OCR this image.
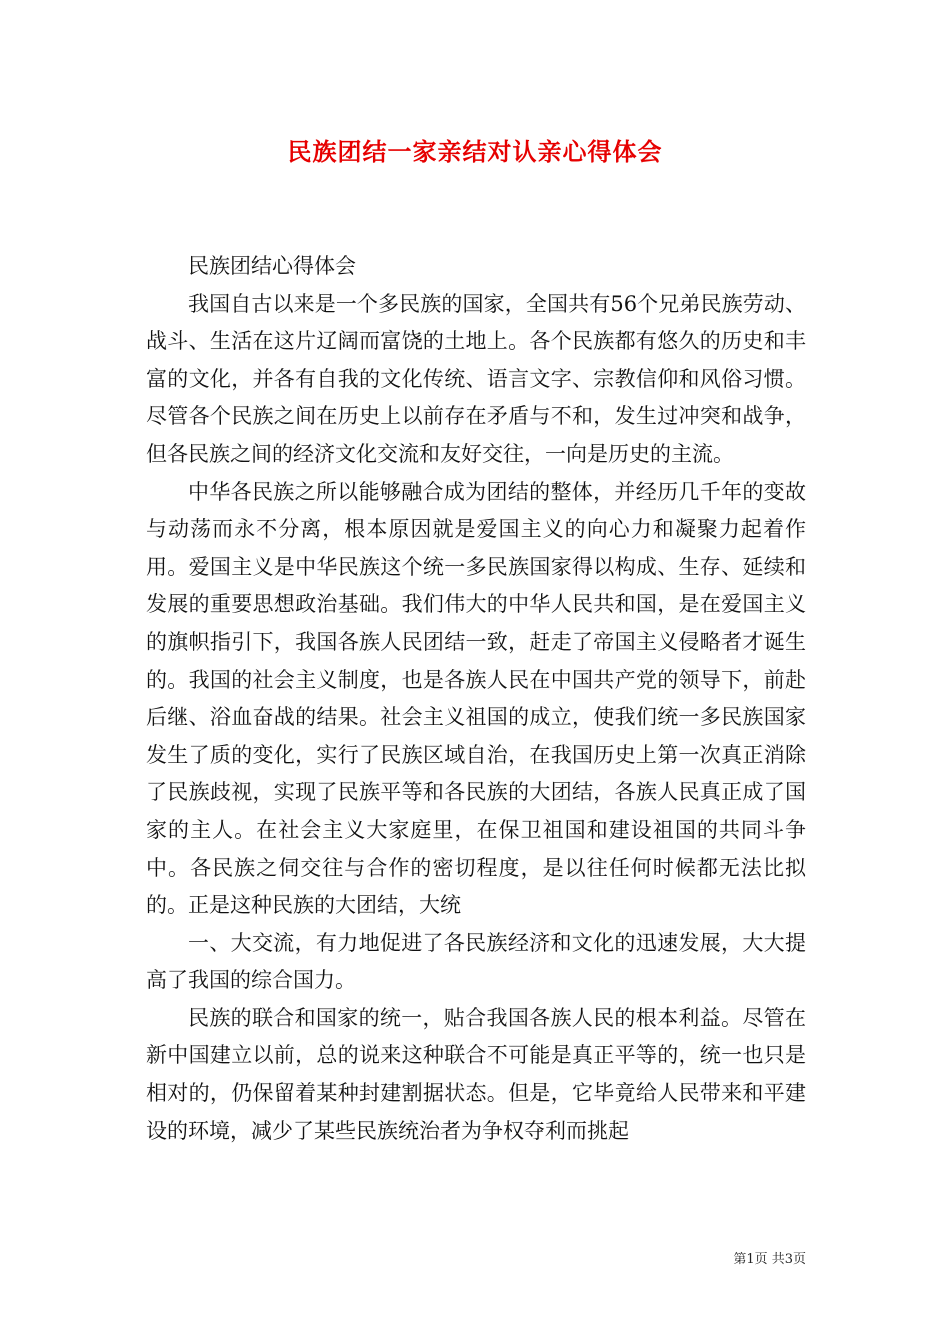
民族团结一家亲结对认亲心得体会

民族团结心得体会

我国自古以来是一个多民族的国家，全国共有56个兄弟民族劳动、战斗、生活在这片辽阔而富饶的土地上。各个民族都有悠久的历史和丰富的文化，并各有自我的文化传统、语言文字、宗教信仰和风俗习惯。尽管各个民族之间在历史上以前存在矛盾与不和，发生过冲突和战争，但各民族之间的经济文化交流和友好交往，一向是历史的主流。

中华各民族之所以能够融合成为团结的整体，并经历几千年的变故与动荡而永不分离，根本原因就是爱国主义的向心力和凝聚力起着作用。爱国主义是中华民族这个统一多民族国家得以构成、生存、延续和发展的重要思想政治基础。我们伟大的中华人民共和国，是在爱国主义的旗帜指引下，我国各族人民团结一致，赶走了帝国主义侵略者才诞生的。我国的社会主义制度，也是各族人民在中国共产党的领导下，前赴后继、浴血奋战的结果。社会主义祖国的成立，使我们统一多民族国家发生了质的变化，实行了民族区域自治，在我国历史上第一次真正消除了民族歧视，实现了民族平等和各民族的大团结，各族人民真正成了国家的主人。在社会主义大家庭里，在保卫祖国和建设祖国的共同斗争中。各民族之伺交往与合作的密切程度，是以往任何时候都无法比拟的。正是这种民族的大团结，大统

一、大交流，有力地促进了各民族经济和文化的迅速发展，大大提高了我国的综合国力。

民族的联合和国家的统一，贴合我国各族人民的根本利益。尽管在新中国建立以前，总的说来这种联合不可能是真正平等的，统一也只是相对的，仍保留着某种封建割据状态。但是，它毕竟给人民带来和平建设的环境，减少了某些民族统治者为争权夺利而挑起

第1页 共3页
